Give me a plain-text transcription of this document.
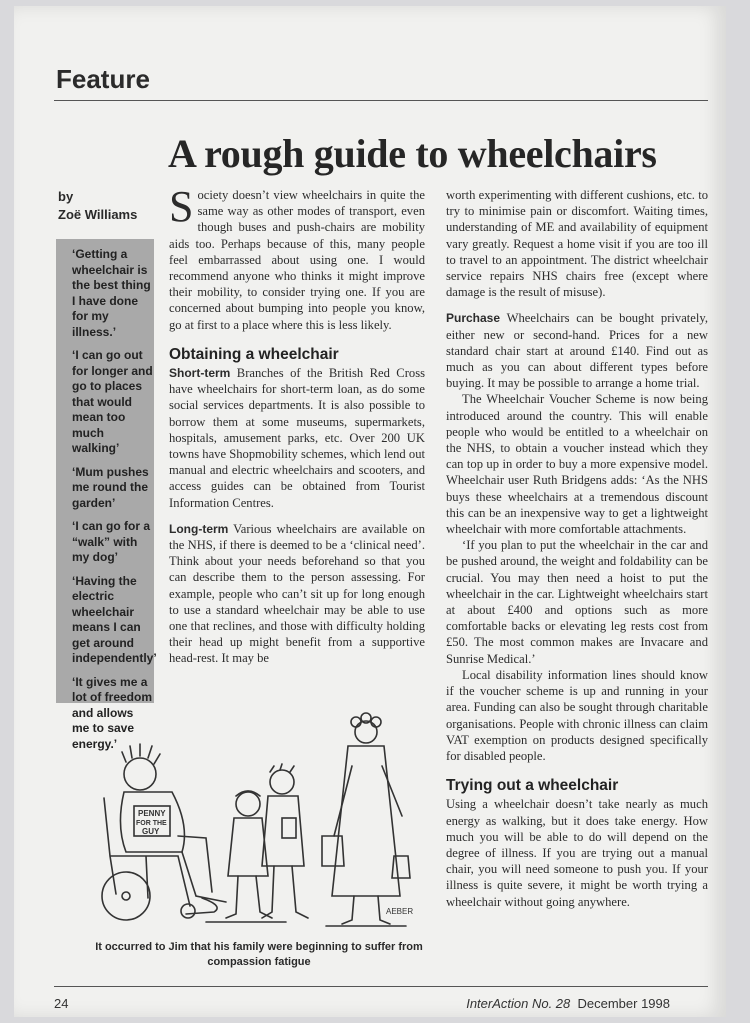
Feature
A rough guide to wheelchairs
by
Zoë Williams

‘Getting a wheelchair is the best thing I have done for my illness.’

‘I can go out for longer and go to places that would mean too much walking’

‘Mum pushes me round the garden’

‘I can go for a “walk” with my dog’

‘Having the electric wheelchair means I can get around independently’

‘It gives me a lot of freedom and allows me to save energy.’

Society doesn’t view wheelchairs in quite the same way as other modes of transport, even though buses and push-chairs are mobility aids too. Perhaps because of this, many people feel embarrassed about using one. I would recommend anyone who thinks it might improve their mobility, to consider trying one. If you are concerned about bumping into people you know, go at first to a place where this is less likely.

Obtaining a wheelchair

Short-term Branches of the British Red Cross have wheelchairs for short-term loan, as do some social services departments. It is also possible to borrow them at some museums, supermarkets, hospitals, amusement parks, etc. Over 200 UK towns have Shopmobility schemes, which lend out manual and electric wheelchairs and scooters, and access guides can be obtained from Tourist Information Centres.

Long-term Various wheelchairs are available on the NHS, if there is deemed to be a ‘clinical need’. Think about your needs beforehand so that you can describe them to the person assessing. For example, people who can’t sit up for long enough to use a standard wheelchair may be able to use one that reclines, and those with difficulty holding their head up might benefit from a supportive head-rest. It may be

worth experimenting with different cushions, etc. to try to minimise pain or discomfort. Waiting times, understanding of ME and availability of equipment vary greatly. Request a home visit if you are too ill to travel to an appointment. The district wheelchair service repairs NHS chairs free (except where damage is the result of misuse).

Purchase Wheelchairs can be bought privately, either new or second-hand. Prices for a new standard chair start at around £140. Find out as much as you can about different types before buying. It may be possible to arrange a home trial.

The Wheelchair Voucher Scheme is now being introduced around the country. This will enable people who would be entitled to a wheelchair on the NHS, to obtain a voucher instead which they can top up in order to buy a more expensive model. Wheelchair user Ruth Bridgens adds: ‘As the NHS buys these wheelchairs at a tremendous discount this can be an inexpensive way to get a lightweight wheelchair with more comfortable attachments.

‘If you plan to put the wheelchair in the car and be pushed around, the weight and foldability can be crucial. You may then need a hoist to put the wheelchair in the car. Lightweight wheelchairs start at about £400 and options such as more comfortable backs or elevating leg rests cost from £50. The most common makes are Invacare and Sunrise Medical.’

Local disability information lines should know if the voucher scheme is up and running in your area. Funding can also be sought through charitable organisations. People with chronic illness can claim VAT exemption on products designed specifically for disabled people.

Trying out a wheelchair

Using a wheelchair doesn’t take nearly as much energy as walking, but it does take energy. How much you will be able to do will depend on the degree of illness. If you are trying out a manual chair, you will need someone to push you. If your illness is quite severe, it might be worth trying a wheelchair without going anywhere.

PENNY
FOR THE
GUY
AEBER
It occurred to Jim that his family were beginning to suffer from compassion fatigue
24	InterAction No. 28 December 1998
